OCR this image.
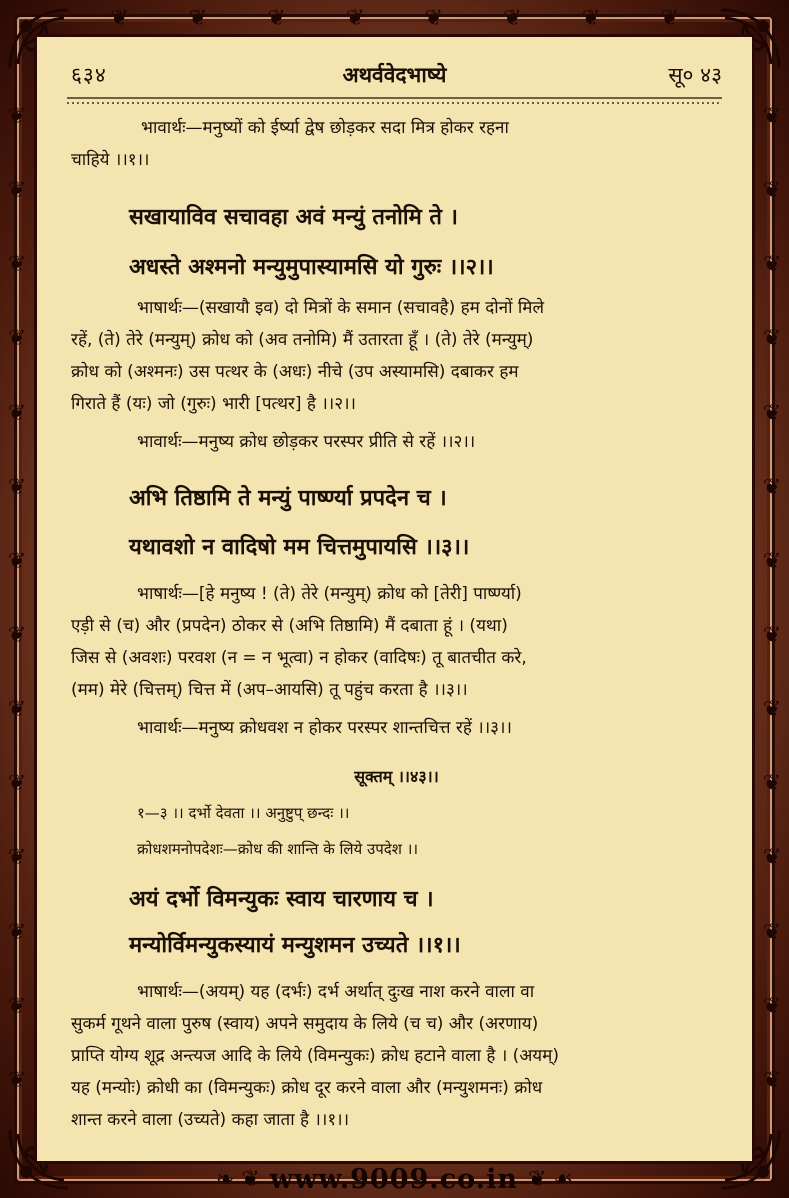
❦	❦	❦	❦	❦	❦	❦	❦
❦
❦
❦
❦
❦
❦
❦
❦
❦
❦
❦
❦
❦
❦
❦
❦
❦
❦
❦
❦
❦
❦
❦
❦
❦
❦
❦
❦
६३४	अथर्ववेदभाष्ये	सू० ४३
भावार्थः—मनुष्यों को ईर्ष्या द्वेष छोड़कर सदा मित्र होकर रहना
चाहिये ।।१।।
सखायाविव सचावहा अवं मन्युं तनोमि ते ।
अधस्ते अश्मनो मन्युमुपास्यामसि यो गुरुः ।।२।।
भाषार्थः—(सखायौ इव) दो मित्रों के समान (सचावहै) हम दोनों मिले
रहें, (ते) तेरे (मन्युम्) क्रोध को (अव तनोमि) मैं उतारता हूँ । (ते) तेरे (मन्युम्)
क्रोध को (अश्मनः) उस पत्थर के (अधः) नीचे (उप अस्यामसि) दबाकर हम
गिराते हैं (यः) जो (गुरुः) भारी [पत्थर] है ।।२।।
भावार्थः—मनुष्य क्रोध छोड़कर परस्पर प्रीति से रहें ।।२।।
अभि तिष्ठामि ते मन्युं पार्ष्ण्या प्रपदेन च ।
यथावशो न वादिषो मम चित्तमुपायसि ।।३।।
भाषार्थः—[हे मनुष्य ! (ते) तेरे (मन्युम्) क्रोध को [तेरी] पार्ष्ण्या)
एड़ी से (च) और (प्रपदेन) ठोकर से (अभि तिष्ठामि) मैं दबाता हूं । (यथा)
जिस से (अवशः) परवश (न = न भूत्वा) न होकर (वादिषः) तू बातचीत करे,
(मम) मेरे (चित्तम्) चित्त में (अप–आयसि) तू पहुंच करता है ।।३।।
भावार्थः—मनुष्य क्रोधवश न होकर परस्पर शान्तचित्त रहें ।।३।।
सूक्तम् ।।४३।।
१—३ ।। दर्भो देवता ।। अनुष्टुप् छन्दः ।।
क्रोधशमनोपदेशः—क्रोध की शान्ति के लिये उपदेश ।।
अयं दर्भो विमन्युकः स्वाय चारणाय च ।
मन्योर्विमन्युकस्यायं मन्युशमन उच्यते ।।१।।
भाषार्थः—(अयम्) यह (दर्भः) दर्भ अर्थात् दुःख नाश करने वाला वा
सुकर्म गूथने वाला पुरुष (स्वाय) अपने समुदाय के लिये (च च) और (अरणाय)
प्राप्ति योग्य शूद्र अन्त्यज आदि के लिये (विमन्युकः) क्रोध हटाने वाला है । (अयम्)
यह (मन्योः) क्रोधी का (विमन्युकः) क्रोध दूर करने वाला और (मन्युशमनः) क्रोध
शान्त करने वाला (उच्यते) कहा जाता है ।।१।।
❧ ❦ www.9009.co.in ❦ ☙
